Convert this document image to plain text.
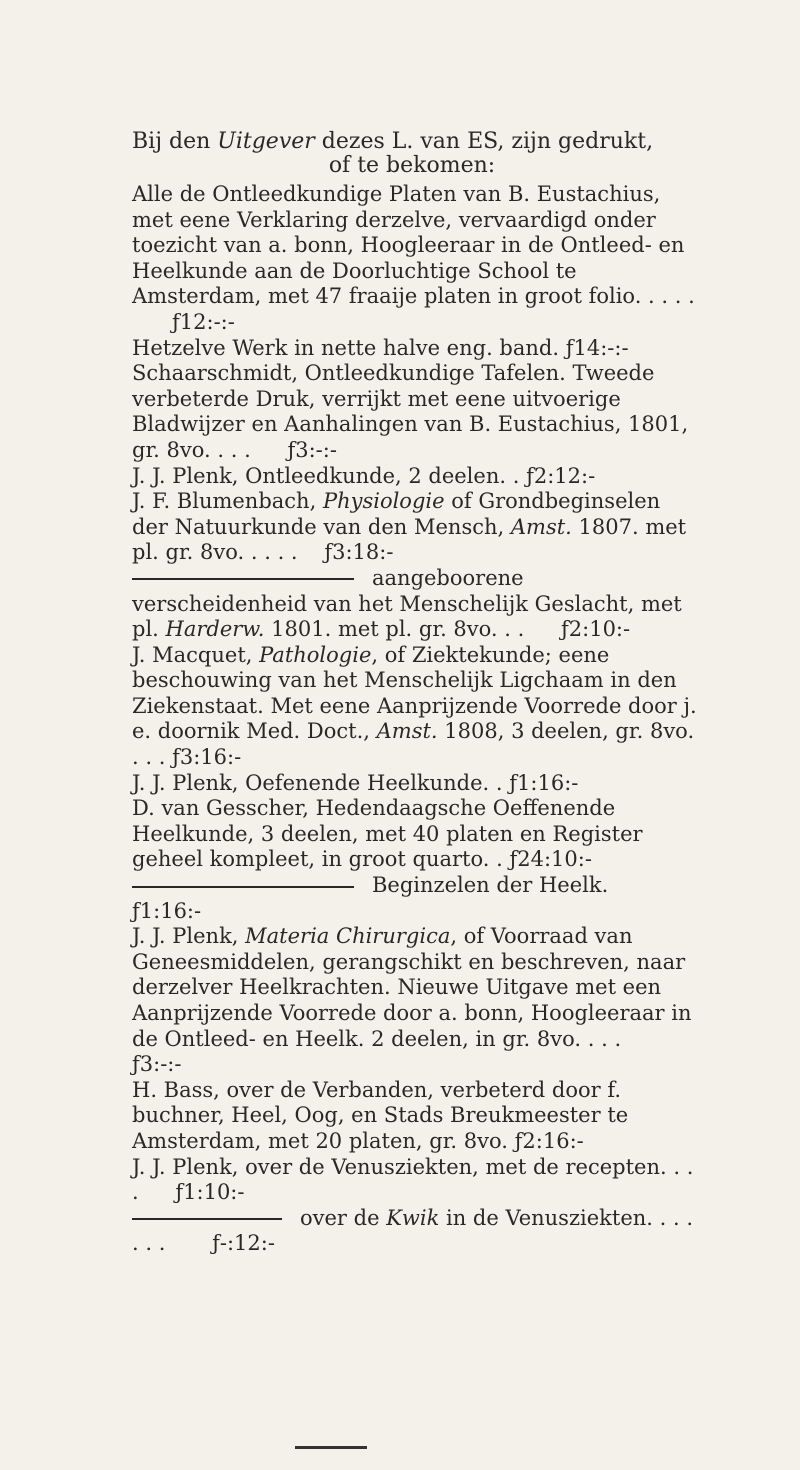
Bij den Uitgever dezes L. van ES, zijn gedrukt,
of te bekomen:

Alle de Ontleedkundige Platen van B. Eustachius, met eene Verklaring derzelve, vervaardigd onder toezicht van a. bonn, Hoogleeraar in de Ontleed- en Heelkunde aan de Doorluchtige School te Amsterdam, met 47 fraaije platen in groot folio. . . . . ƒ12:-:-

Hetzelve Werk in nette halve eng. band. ƒ14:-:-

Schaarschmidt, Ontleedkundige Tafelen. Tweede verbeterde Druk, verrijkt met eene uitvoerige Bladwijzer en Aanhalingen van B. Eustachius, 1801, gr. 8vo. . . . ƒ3:-:-

J. J. Plenk, Ontleedkunde, 2 deelen. . ƒ2:12:-

J. F. Blumenbach, Physiologie of Grondbeginselen der Natuurkunde van den Mensch, Amst. 1807. met pl. gr. 8vo. . . . . ƒ3:18:-

aangeboorene verscheidenheid van het Menschelijk Geslacht, met pl. Harderw. 1801. met pl. gr. 8vo. . . ƒ2:10:-

J. Macquet, Pathologie, of Ziektekunde; eene beschouwing van het Menschelijk Ligchaam in den Ziekenstaat. Met eene Aanprijzende Voorrede door j. e. doornik Med. Doct., Amst. 1808, 3 deelen, gr. 8vo. . . . ƒ3:16:-

J. J. Plenk, Oefenende Heelkunde. . ƒ1:16:-

D. van Gesscher, Hedendaagsche Oeffenende Heelkunde, 3 deelen, met 40 platen en Register geheel kompleet, in groot quarto. . ƒ24:10:-

Beginzelen der Heelk. ƒ1:16:-

J. J. Plenk, Materia Chirurgica, of Voorraad van Geneesmiddelen, gerangschikt en beschreven, naar derzelver Heelkrachten. Nieuwe Uitgave met een Aanprijzende Voorrede door a. bonn, Hoogleeraar in de Ontleed- en Heelk. 2 deelen, in gr. 8vo. . . . ƒ3:-:-

H. Bass, over de Verbanden, verbeterd door f. buchner, Heel, Oog, en Stads Breukmeester te Amsterdam, met 20 platen, gr. 8vo. ƒ2:16:-

J. J. Plenk, over de Venusziekten, met de recepten. . . . ƒ1:10:-

over de Kwik in de Venusziekten. . . . . . . ƒ-:12:-
